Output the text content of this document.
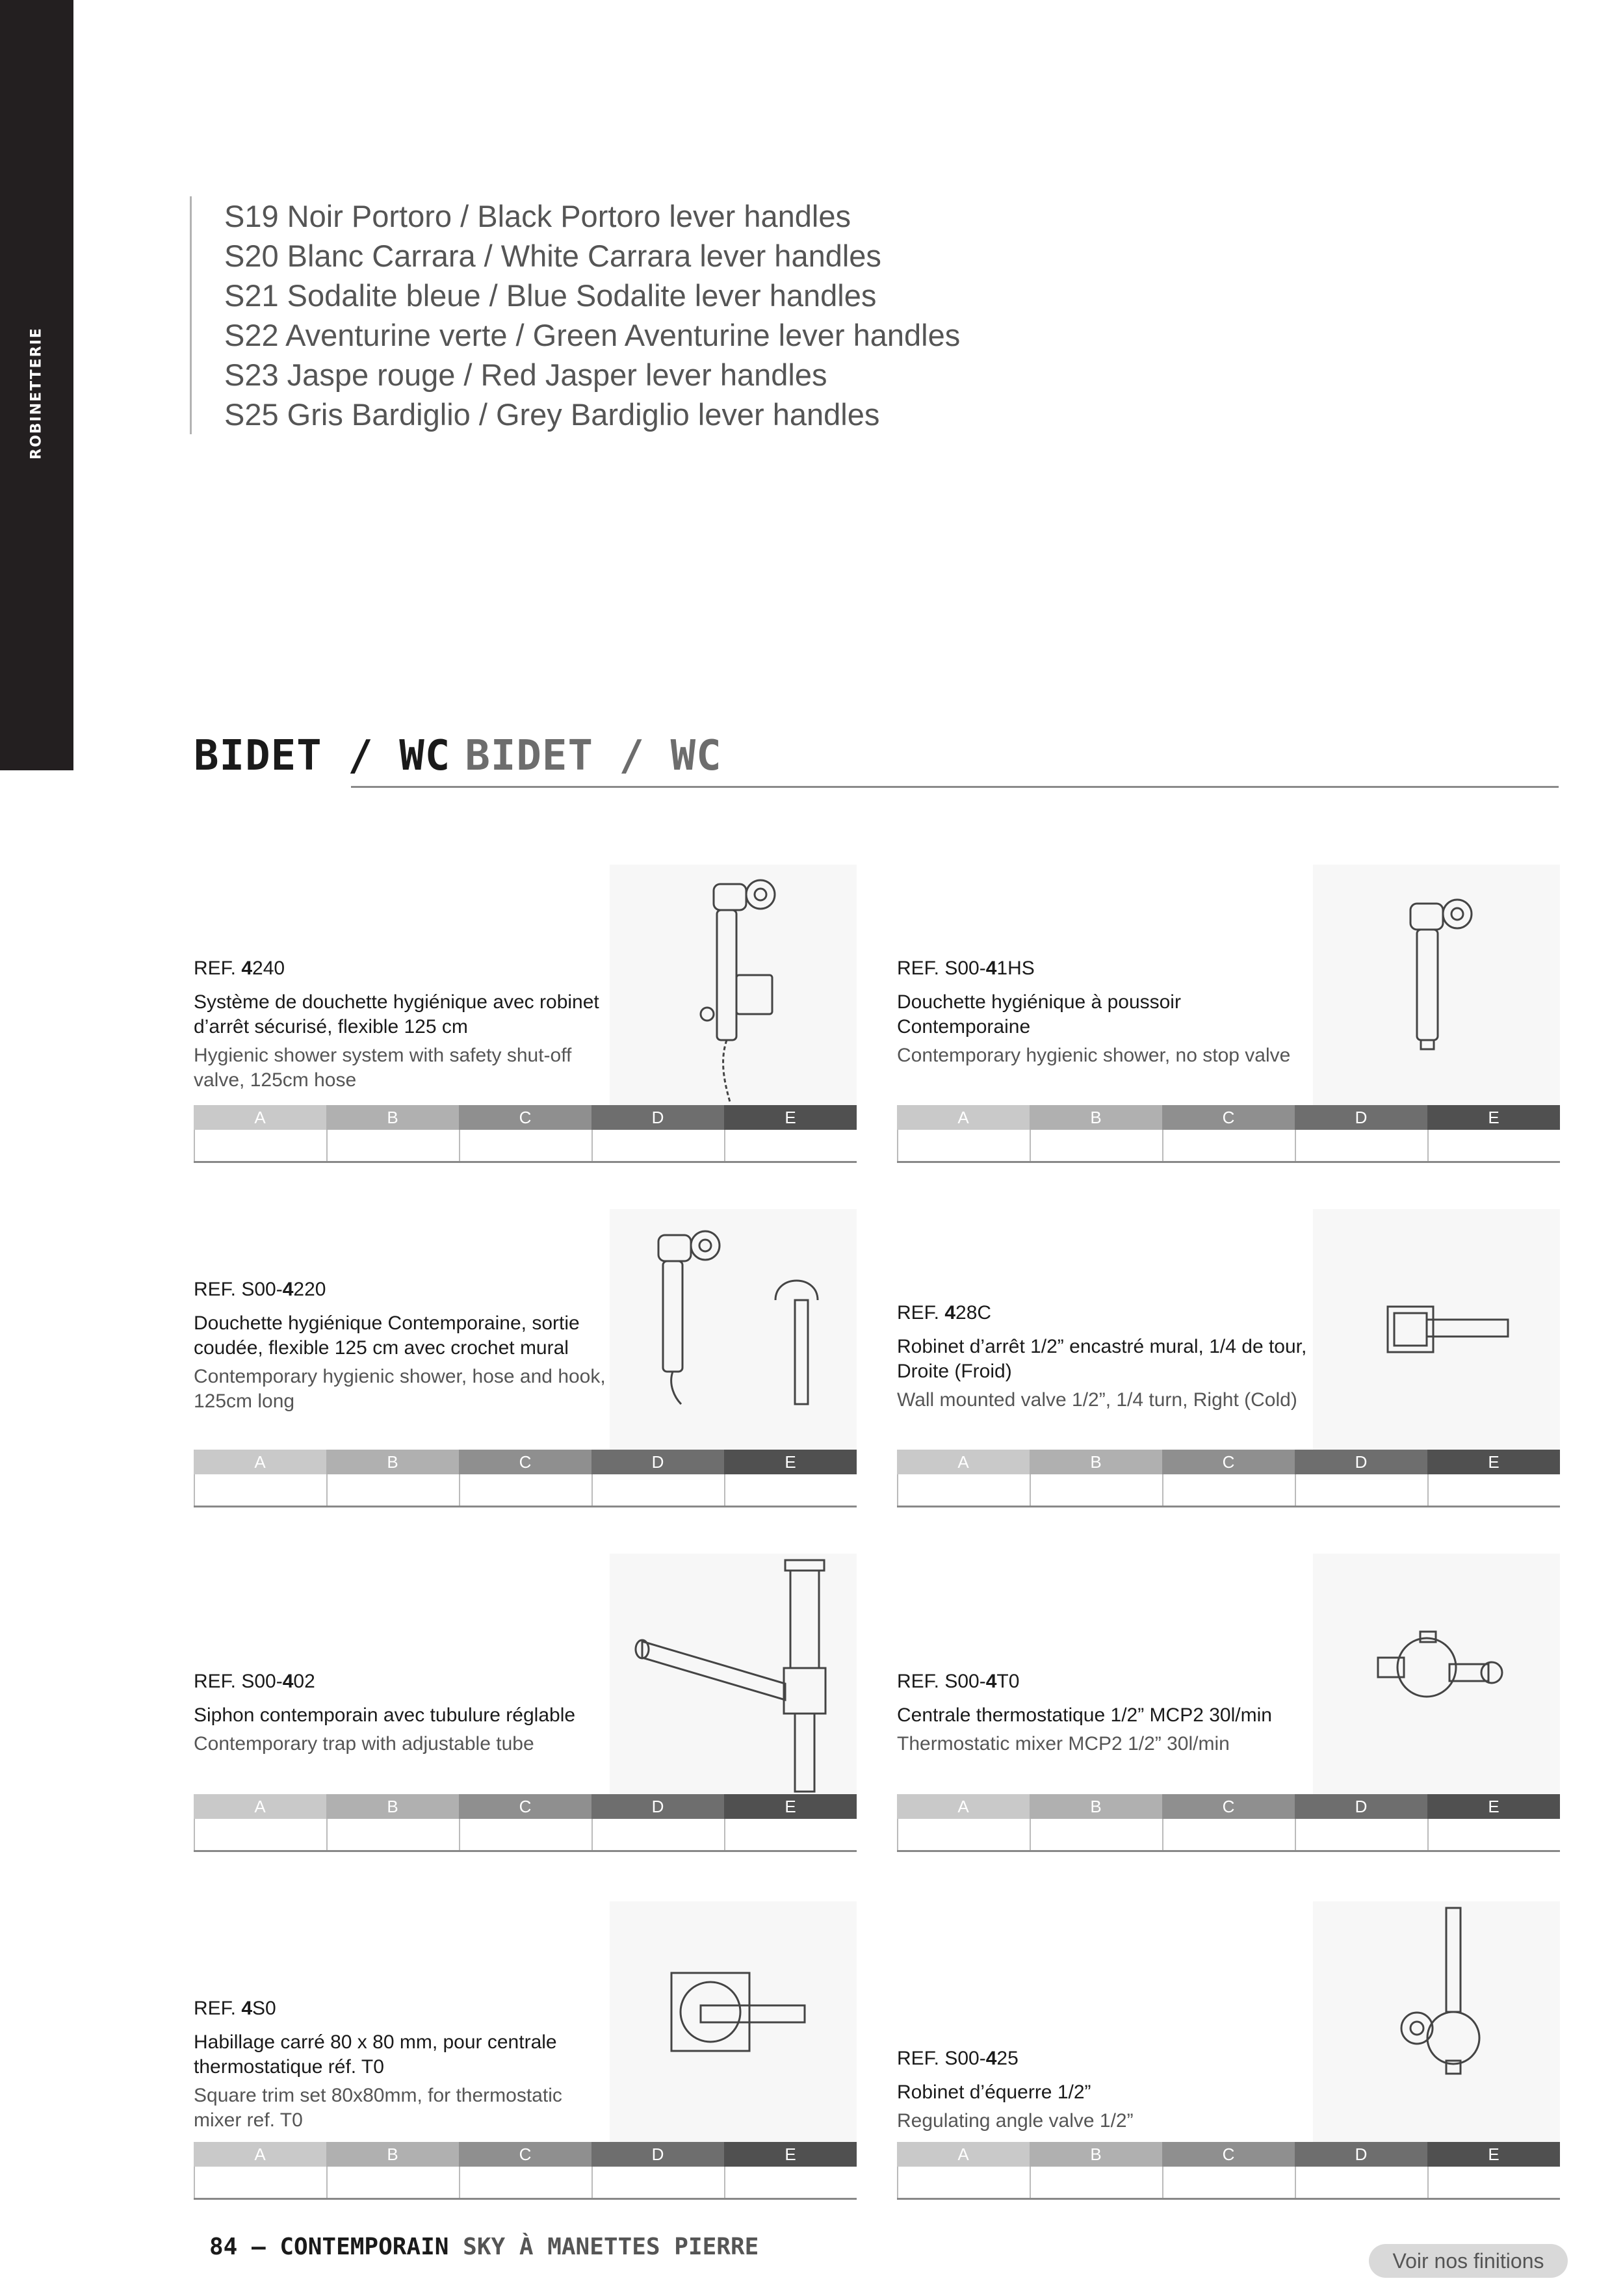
ROBINETTERIE
S19 Noir Portoro / Black Portoro lever handles
S20 Blanc Carrara / White Carrara lever handles
S21 Sodalite bleue / Blue Sodalite lever handles
S22 Aventurine verte / Green Aventurine lever handles
S23 Jaspe rouge / Red Jasper lever handles
S25 Gris Bardiglio / Grey Bardiglio lever handles
BIDET / WC BIDET / WC
REF. 4240
Système de douchette hygiénique avec robinet d’arrêt sécurisé, flexible 125 cm
Hygienic shower system with safety shut-off valve, 125cm hose
A	B	C	D	E
REF. S00-41HS
Douchette hygiénique à poussoir Contemporaine
Contemporary hygienic shower, no stop valve
A	B	C	D	E
REF. S00-4220
Douchette hygiénique Contemporaine, sortie coudée, flexible 125 cm avec crochet mural
Contemporary hygienic shower, hose and hook, 125cm long
A	B	C	D	E
REF. 428C
Robinet d’arrêt 1/2” encastré mural, 1/4 de tour, Droite (Froid)
Wall mounted valve 1/2”, 1/4 turn, Right (Cold)
A	B	C	D	E
REF. S00-402
Siphon contemporain avec tubulure réglable
Contemporary trap with adjustable tube
A	B	C	D	E
REF. S00-4T0
Centrale thermostatique 1/2” MCP2 30l/min
Thermostatic mixer MCP2 1/2” 30l/min
A	B	C	D	E
REF. 4S0
Habillage carré 80 x 80 mm, pour centrale thermostatique réf. T0
Square trim set 80x80mm, for thermostatic mixer ref. T0
A	B	C	D	E
REF. S00-425
Robinet d’équerre 1/2”
Regulating angle valve 1/2”
A	B	C	D	E
84 – CONTEMPORAIN SKY À MANETTES PIERRE
Voir nos finitions
